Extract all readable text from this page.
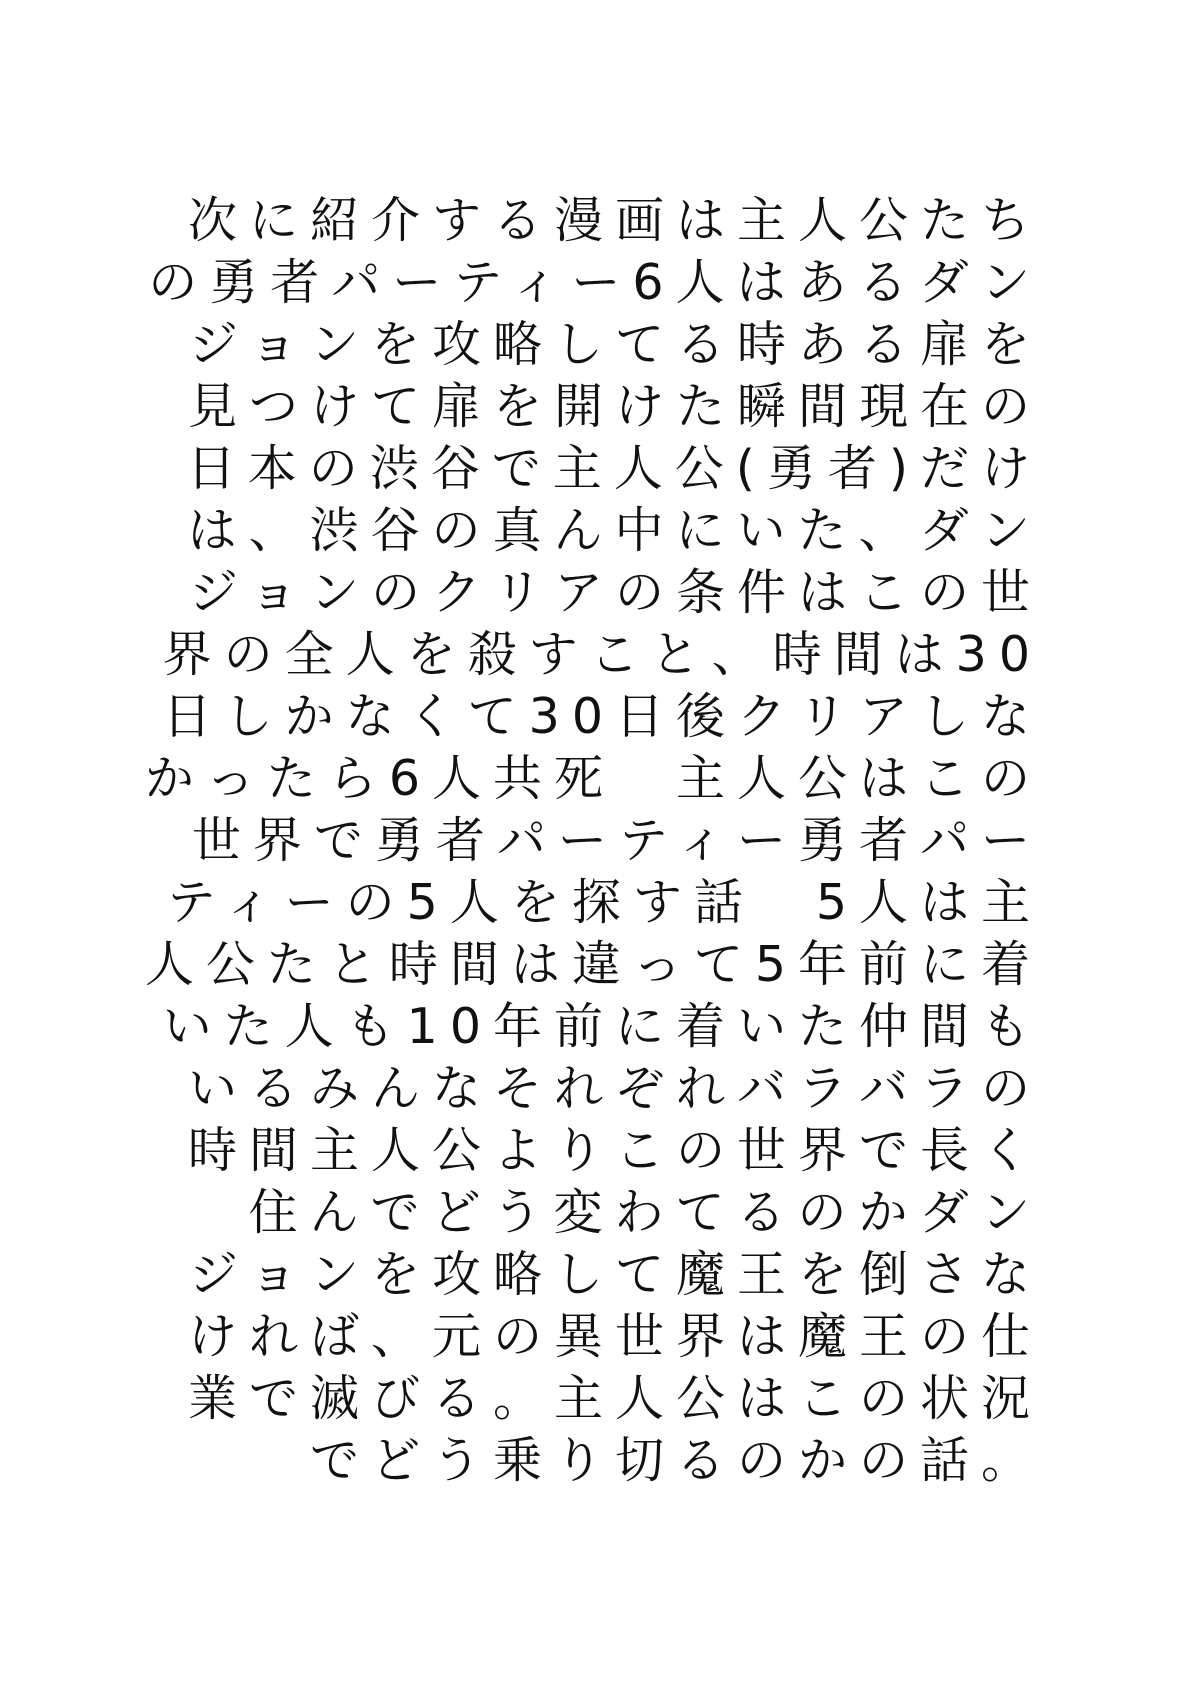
次に紹介する漫画は主人公たち
の勇者パーティー6人はあるダン
ジョンを攻略してる時ある扉を
見つけて扉を開けた瞬間現在の
日本の渋谷で主人公(勇者)だけ
は、渋谷の真ん中にいた、ダン
ジョンのクリアの条件はこの世
界の全人を殺すこと、時間は30
日しかなくて30日後クリアしな
かったら6人共死　主人公はこの
世界で勇者パーティー勇者パー
ティーの5人を探す話　5人は主
人公たと時間は違って5年前に着
いた人も10年前に着いた仲間も
いるみんなそれぞれバラバラの
時間主人公よりこの世界で長く
住んでどう変わてるのかダン
ジョンを攻略して魔王を倒さな
ければ、元の異世界は魔王の仕
業で滅びる。主人公はこの状況
でどう乗り切るのかの話。
